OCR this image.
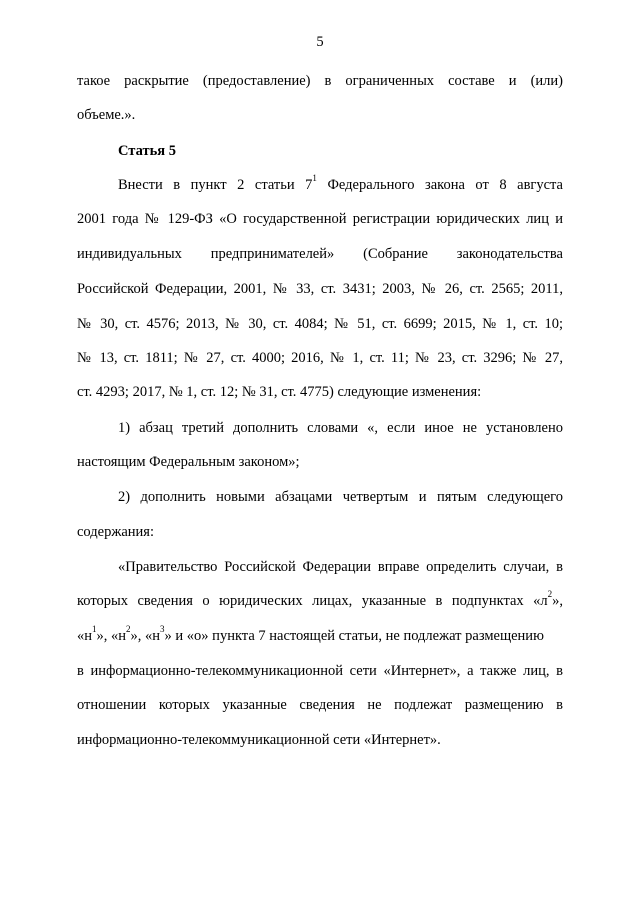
5
такое раскрытие (предоставление) в ограниченных составе и (или)
объеме.».
Статья 5
Внести в пункт 2 статьи $7^1$ Федерального закона от 8 августа
2001 года № 129-ФЗ «О государственной регистрации юридических лиц и
индивидуальных предпринимателей» (Собрание законодательства
Российской Федерации, 2001, № 33, ст. 3431; 2003, № 26, ст. 2565; 2011,
№ 30, ст. 4576; 2013, № 30, ст. 4084; № 51, ст. 6699; 2015, № 1, ст. 10;
№ 13, ст. 1811; № 27, ст. 4000; 2016, № 1, ст. 11; № 23, ст. 3296; № 27,
ст. 4293; 2017, № 1, ст. 12; № 31, ст. 4775) следующие изменения:
1) абзац третий дополнить словами «, если иное не установлено
настоящим Федеральным законом»;
2) дополнить новыми абзацами четвертым и пятым следующего
содержания:
«Правительство Российской Федерации вправе определить случаи, в
которых сведения о юридических лицах, указанные в подпунктах «$л^2$»,
«$н^1$», «$н^2$», «$н^3$» и «о» пункта 7 настоящей статьи, не подлежат размещению
в информационно-телекоммуникационной сети «Интернет», а также лиц, в
отношении которых указанные сведения не подлежат размещению в
информационно-телекоммуникационной сети «Интернет».
